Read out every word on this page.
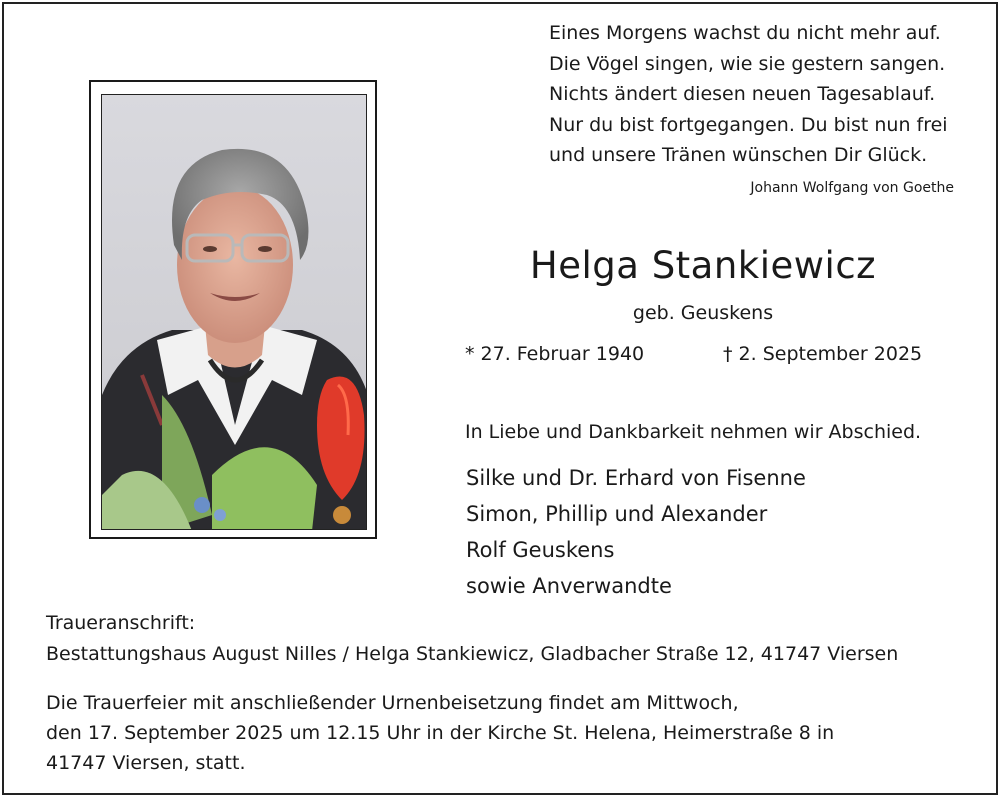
Eines Morgens wachst du nicht mehr auf.
Die Vögel singen, wie sie gestern sangen.
Nichts ändert diesen neuen Tagesablauf.
Nur du bist fortgegangen. Du bist nun frei
und unsere Tränen wünschen Dir Glück.
Johann Wolfgang von Goethe
Helga Stankiewicz
geb. Geuskens
* 27. Februar 1940	† 2. September 2025
In Liebe und Dankbarkeit nehmen wir Abschied.
Silke und Dr. Erhard von Fisenne
Simon, Phillip und Alexander
Rolf Geuskens
sowie Anverwandte
Traueranschrift:
Bestattungshaus August Nilles / Helga Stankiewicz, Gladbacher Straße 12, 41747 Viersen
Die Trauerfeier mit anschließender Urnenbeisetzung findet am Mittwoch,
den 17. September 2025 um 12.15 Uhr in der Kirche St. Helena, Heimerstraße 8 in
41747 Viersen, statt.
